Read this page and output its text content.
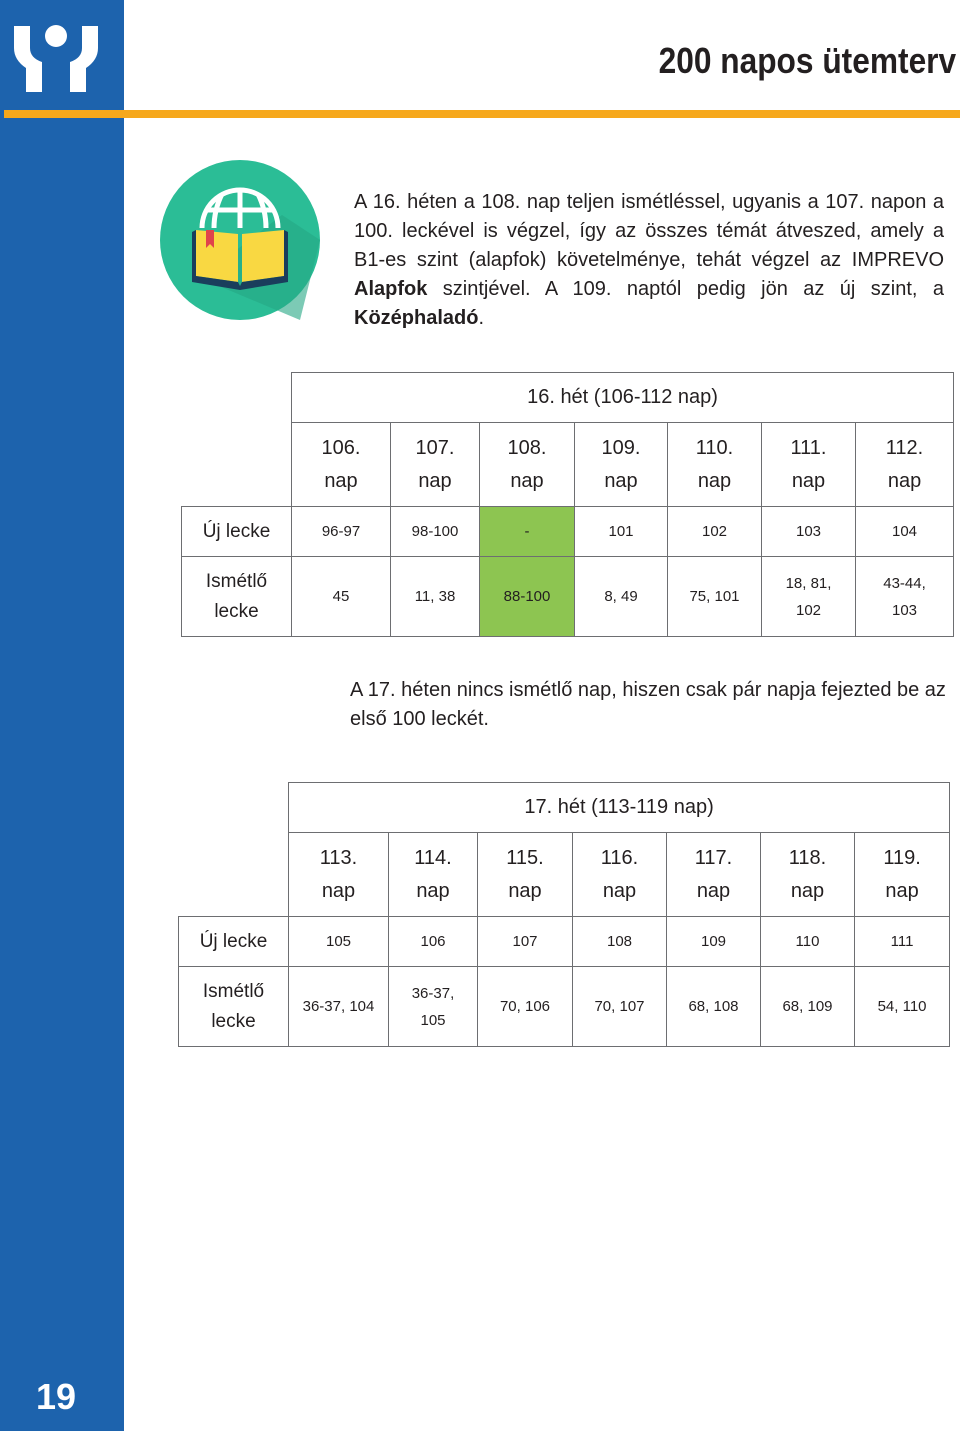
19
200 napos ütemterv
A 16. héten a 108. nap teljen ismétléssel, ugyanis a 107. napon a 100. leckével is végzel, így az összes témát átveszed, amely a B1-es szint (alapfok) követelménye, tehát végzel az IMPREVO Alapfok szintjével. A 109. naptól pedig jön az új szint, a Középhaladó.
	16. hét (106-112 nap)						
	106.
nap	107.
nap	108.
nap	109.
nap	110.
nap	111.
nap	112.
nap
Új lecke	96-97	98-100	-	101	102	103	104
Ismétlő
lecke	45	11, 38	88-100	8, 49	75, 101	18, 81,
102	43-44,
103
A 17. héten nincs ismétlő nap, hiszen csak pár napja fejezted be az első 100 leckét.
	17. hét (113-119 nap)						
	113.
nap	114.
nap	115.
nap	116.
nap	117.
nap	118.
nap	119.
nap
Új lecke	105	106	107	108	109	110	111
Ismétlő
lecke	36-37, 104	36-37,
105	70, 106	70, 107	68, 108	68, 109	54, 110
